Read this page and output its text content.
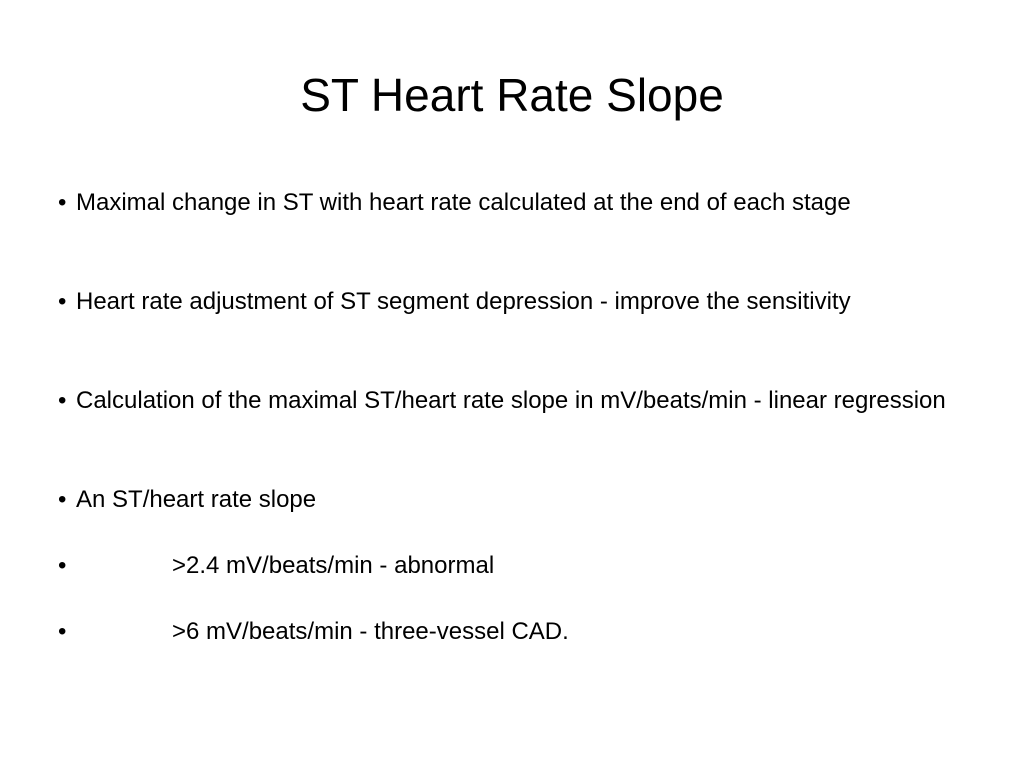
ST Heart Rate Slope
• Maximal change in ST with heart rate calculated at the end of each stage
• Heart rate adjustment of ST segment depression - improve the sensitivity
• Calculation of the maximal ST/heart rate slope in mV/beats/min - linear regression
• An ST/heart rate slope
•	>2.4 mV/beats/min - abnormal
•	>6 mV/beats/min - three-vessel CAD.
